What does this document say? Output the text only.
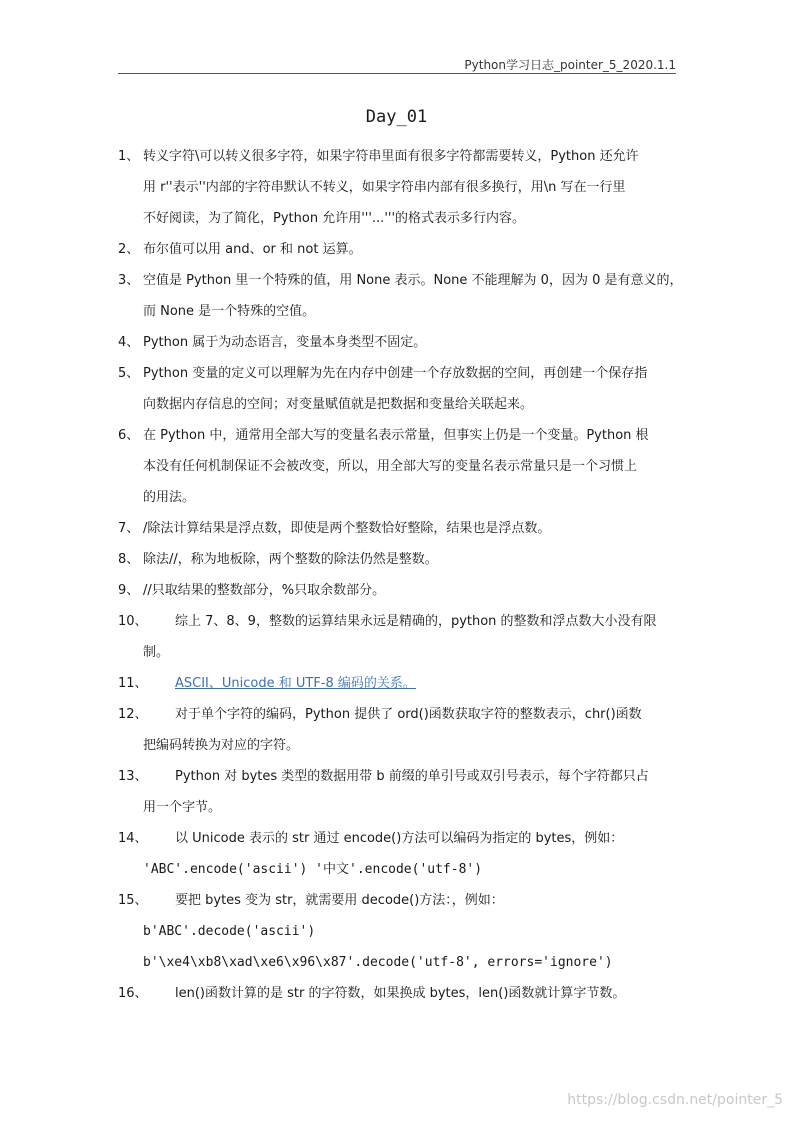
Python学习日志_pointer_5_2020.1.1
Day_01
1、 转义字符\可以转义很多字符，如果字符串里面有很多字符都需要转义，Python 还允许
用 r''表示''内部的字符串默认不转义，如果字符串内部有很多换行，用\n 写在一行里
不好阅读，为了简化，Python 允许用'''...'''的格式表示多行内容。
2、 布尔值可以用 and、or 和 not 运算。
3、 空值是 Python 里一个特殊的值，用 None 表示。None 不能理解为 0，因为 0 是有意义的，
而 None 是一个特殊的空值。
4、 Python 属于为动态语言，变量本身类型不固定。
5、 Python 变量的定义可以理解为先在内存中创建一个存放数据的空间，再创建一个保存指
向数据内存信息的空间；对变量赋值就是把数据和变量给关联起来。
6、 在 Python 中，通常用全部大写的变量名表示常量，但事实上仍是一个变量。Python 根
本没有任何机制保证不会被改变，所以，用全部大写的变量名表示常量只是一个习惯上
的用法。
7、 /除法计算结果是浮点数，即使是两个整数恰好整除，结果也是浮点数。
8、 除法//，称为地板除，两个整数的除法仍然是整数。
9、 //只取结果的整数部分，%只取余数部分。
10、 综上 7、8、9，整数的运算结果永远是精确的，python 的整数和浮点数大小没有限
制。
11、 ASCII、Unicode 和 UTF-8 编码的关系。
12、 对于单个字符的编码，Python 提供了 ord()函数获取字符的整数表示，chr()函数
把编码转换为对应的字符。
13、 Python 对 bytes 类型的数据用带 b 前缀的单引号或双引号表示，每个字符都只占
用一个字节。
14、 以 Unicode 表示的 str 通过 encode()方法可以编码为指定的 bytes，例如：
'ABC'.encode('ascii') '中文'.encode('utf-8')
15、 要把 bytes 变为 str，就需要用 decode()方法：，例如：
b'ABC'.decode('ascii')
b'\xe4\xb8\xad\xe6\x96\x87'.decode('utf-8', errors='ignore')
16、 len()函数计算的是 str 的字符数，如果换成 bytes，len()函数就计算字节数。
https://blog.csdn.net/pointer_5
